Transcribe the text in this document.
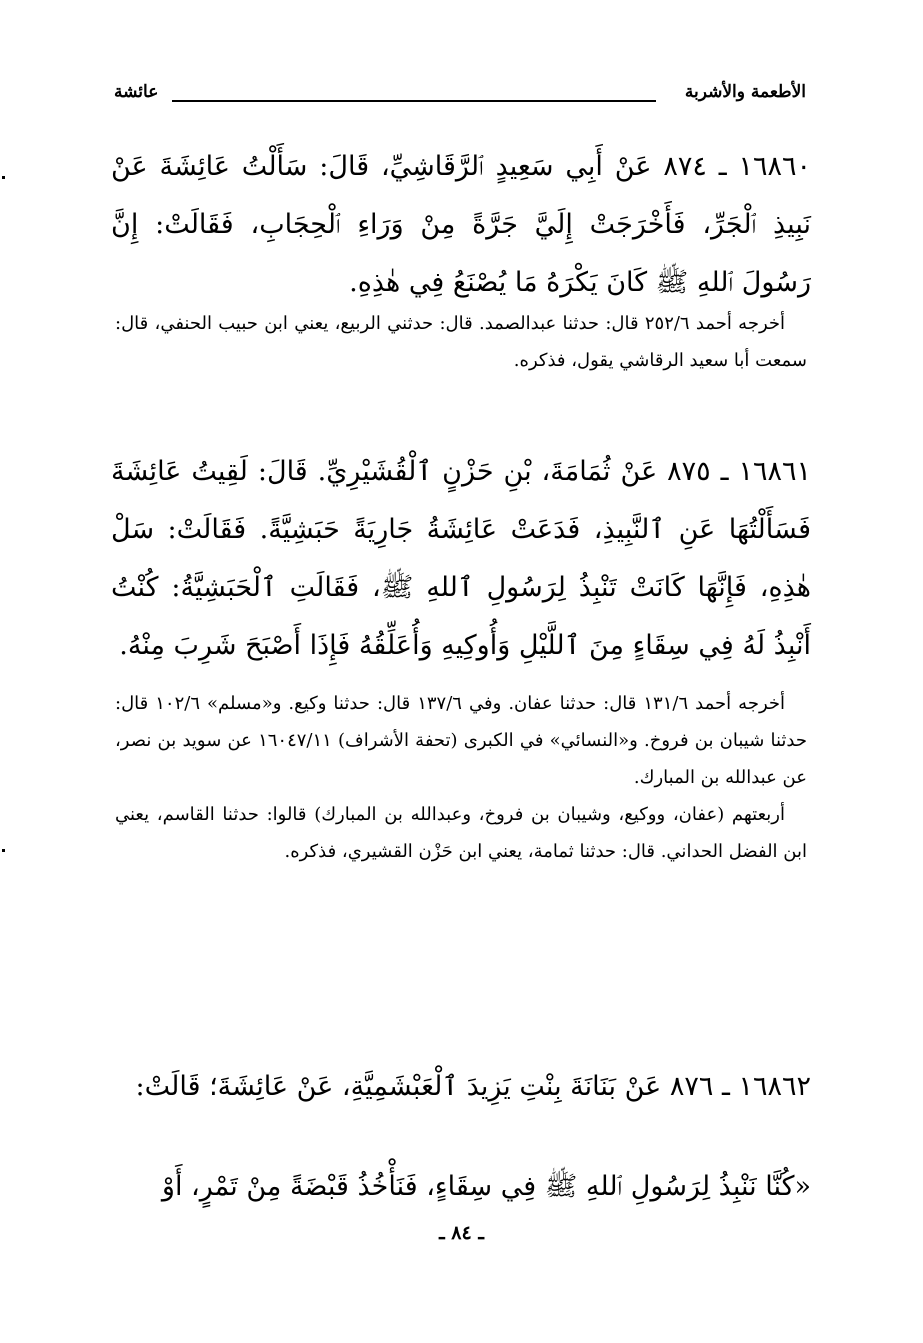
الأطعمة والأشربة
عائشة
١٦٨٦٠ ـ ٨٧٤ عَنْ أَبِي سَعِيدٍ ٱلرَّقَاشِيِّ، قَالَ: سَأَلْتُ عَائِشَةَ عَنْ نَبِيذِ ٱلْجَرِّ، فَأَخْرَجَتْ إِلَيَّ جَرَّةً مِنْ وَرَاءِ ٱلْحِجَابِ، فَقَالَتْ: إِنَّ رَسُولَ ٱللهِ ﷺ كَانَ يَكْرَهُ مَا يُصْنَعُ فِي هٰذِهِ.

أخرجه أحمد ٢٥٢/٦ قال: حدثنا عبدالصمد. قال: حدثني الربيع، يعني ابن حبيب الحنفي، قال: سمعت أبا سعيد الرقاشي يقول، فذكره.

١٦٨٦١ ـ ٨٧٥ عَنْ ثُمَامَةَ، بْنِ حَزْنٍ ٱلْقُشَيْرِيِّ. قَالَ: لَقِيتُ عَائِشَةَ فَسَأَلْتُهَا عَنِ ٱلنَّبِيذِ، فَدَعَتْ عَائِشَةُ جَارِيَةً حَبَشِيَّةً. فَقَالَتْ: سَلْ هٰذِهِ، فَإِنَّهَا كَانَتْ تَنْبِذُ لِرَسُولِ ٱللهِ ﷺ، فَقَالَتِ ٱلْحَبَشِيَّةُ: كُنْتُ أَنْبِذُ لَهُ فِي سِقَاءٍ مِنَ ٱللَّيْلِ وَأُوكِيهِ وَأُعَلِّقُهُ فَإِذَا أَصْبَحَ شَرِبَ مِنْهُ.

أخرجه أحمد ١٣١/٦ قال: حدثنا عفان. وفي ١٣٧/٦ قال: حدثنا وكيع. و«مسلم» ١٠٢/٦ قال: حدثنا شيبان بن فروخ. و«النسائي» في الكبرى (تحفة الأشراف) ١٦٠٤٧/١١ عن سويد بن نصر، عن عبدالله بن المبارك.

أربعتهم (عفان، ووكيع، وشيبان بن فروخ، وعبدالله بن المبارك) قالوا: حدثنا القاسم، يعني ابن الفضل الحداني. قال: حدثنا ثمامة، يعني ابن حَزْن القشيري، فذكره.

١٦٨٦٢ ـ ٨٧٦ عَنْ بَنَانَةَ بِنْتِ يَزِيدَ ٱلْعَبْشَمِيَّةِ، عَنْ عَائِشَةَ؛ قَالَتْ:
«كُنَّا نَنْبِذُ لِرَسُولِ ٱللهِ ﷺ فِي سِقَاءٍ، فَنَأْخُذُ قَبْضَةً مِنْ تَمْرٍ، أَوْ
ـ ٨٤ ـ
